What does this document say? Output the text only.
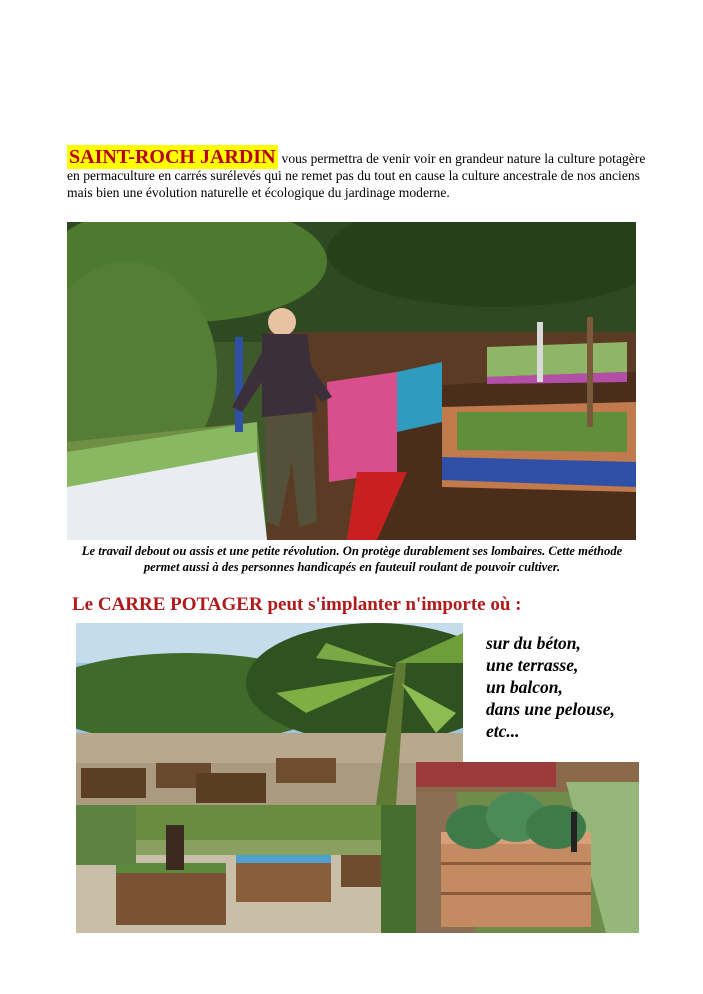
SAINT-ROCH JARDIN vous permettra de venir voir en grandeur nature la culture potagère en permaculture en carrés surélevés qui ne remet pas du tout en cause la culture ancestrale de nos anciens mais bien une évolution naturelle et écologique du jardinage moderne.
Le travail debout ou assis et une petite révolution. On protège durablement ses lombaires. Cette méthode permet aussi à des personnes handicapés en fauteuil roulant de pouvoir cultiver.
Le CARRE POTAGER peut s'implanter n'importe où :
sur du béton,
une terrasse,
un balcon,
dans une pelouse,
etc...
